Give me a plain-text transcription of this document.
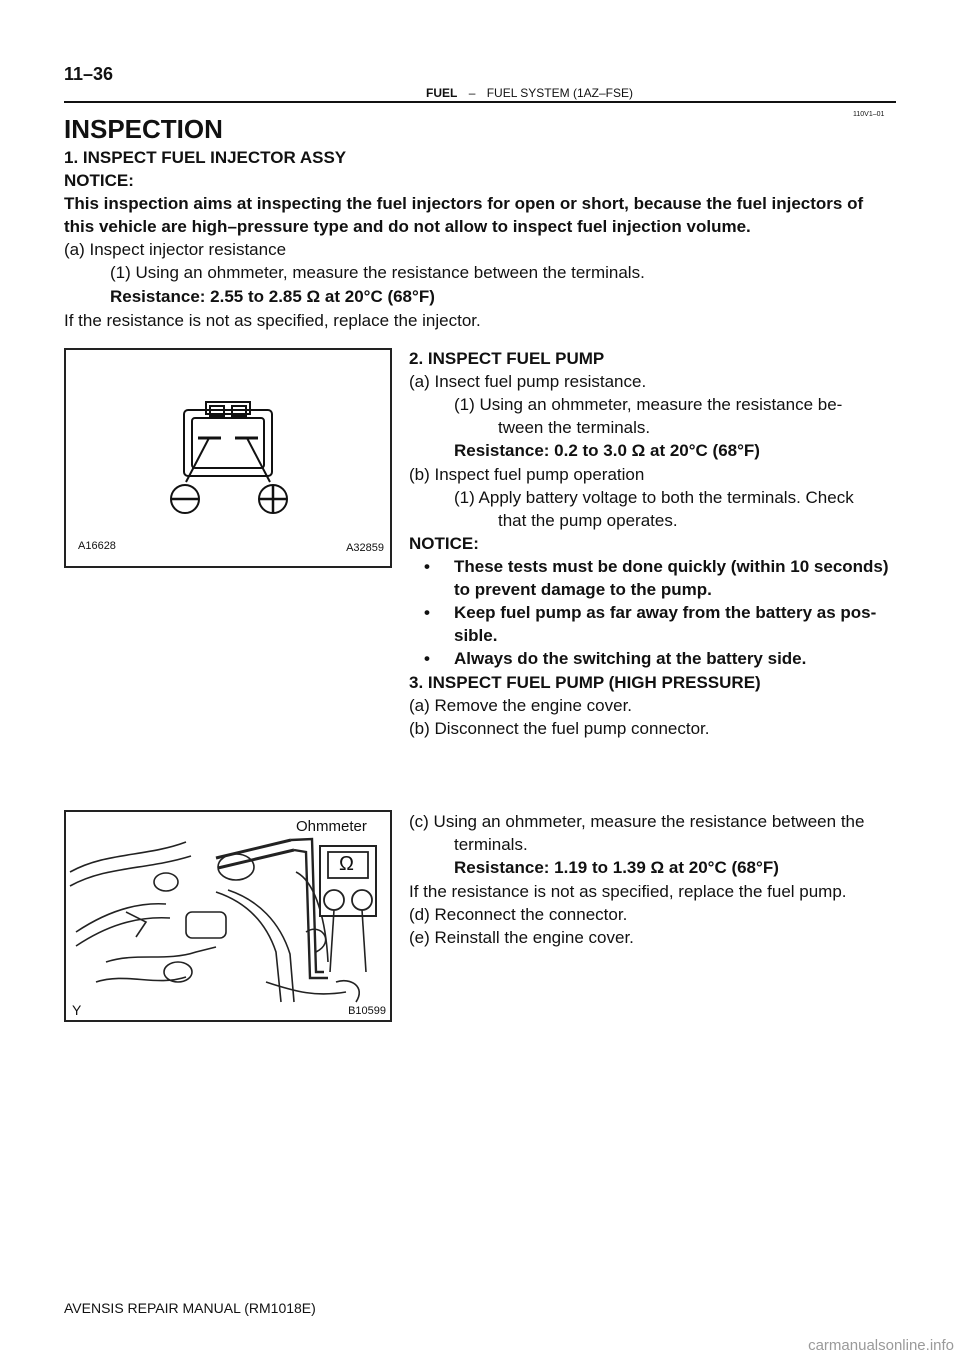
11–36
FUEL – FUEL SYSTEM (1AZ–FSE)
110V1–01
INSPECTION
1. INSPECT FUEL INJECTOR ASSY
NOTICE:
This inspection aims at inspecting the fuel injectors for open or short, because the fuel injectors of
this vehicle are high–pressure type and do not allow to inspect fuel injection volume.
(a) Inspect injector resistance
(1) Using an ohmmeter, measure the resistance between the terminals.
Resistance: 2.55 to 2.85 Ω at 20°C (68°F)
If the resistance is not as specified, replace the injector.
A16628	A32859
2. INSPECT FUEL PUMP
(a) Insect fuel pump resistance.
(1) Using an ohmmeter, measure the resistance be-
tween the terminals.
Resistance: 0.2 to 3.0 Ω at 20°C (68°F)
(b) Inspect fuel pump operation
(1) Apply battery voltage to both the terminals. Check
that the pump operates.
NOTICE:
• These tests must be done quickly (within 10 seconds)
to prevent damage to the pump.
• Keep fuel pump as far away from the battery as pos-
sible.
• Always do the switching at the battery side.
3. INSPECT FUEL PUMP (HIGH PRESSURE)
(a) Remove the engine cover.
(b) Disconnect the fuel pump connector.
Ohmmeter
Ω
Y	B10599
(c) Using an ohmmeter, measure the resistance between the
terminals.
Resistance: 1.19 to 1.39 Ω at 20°C (68°F)
If the resistance is not as specified, replace the fuel pump.
(d) Reconnect the connector.
(e) Reinstall the engine cover.
AVENSIS REPAIR MANUAL (RM1018E)
carmanualsonline.info
